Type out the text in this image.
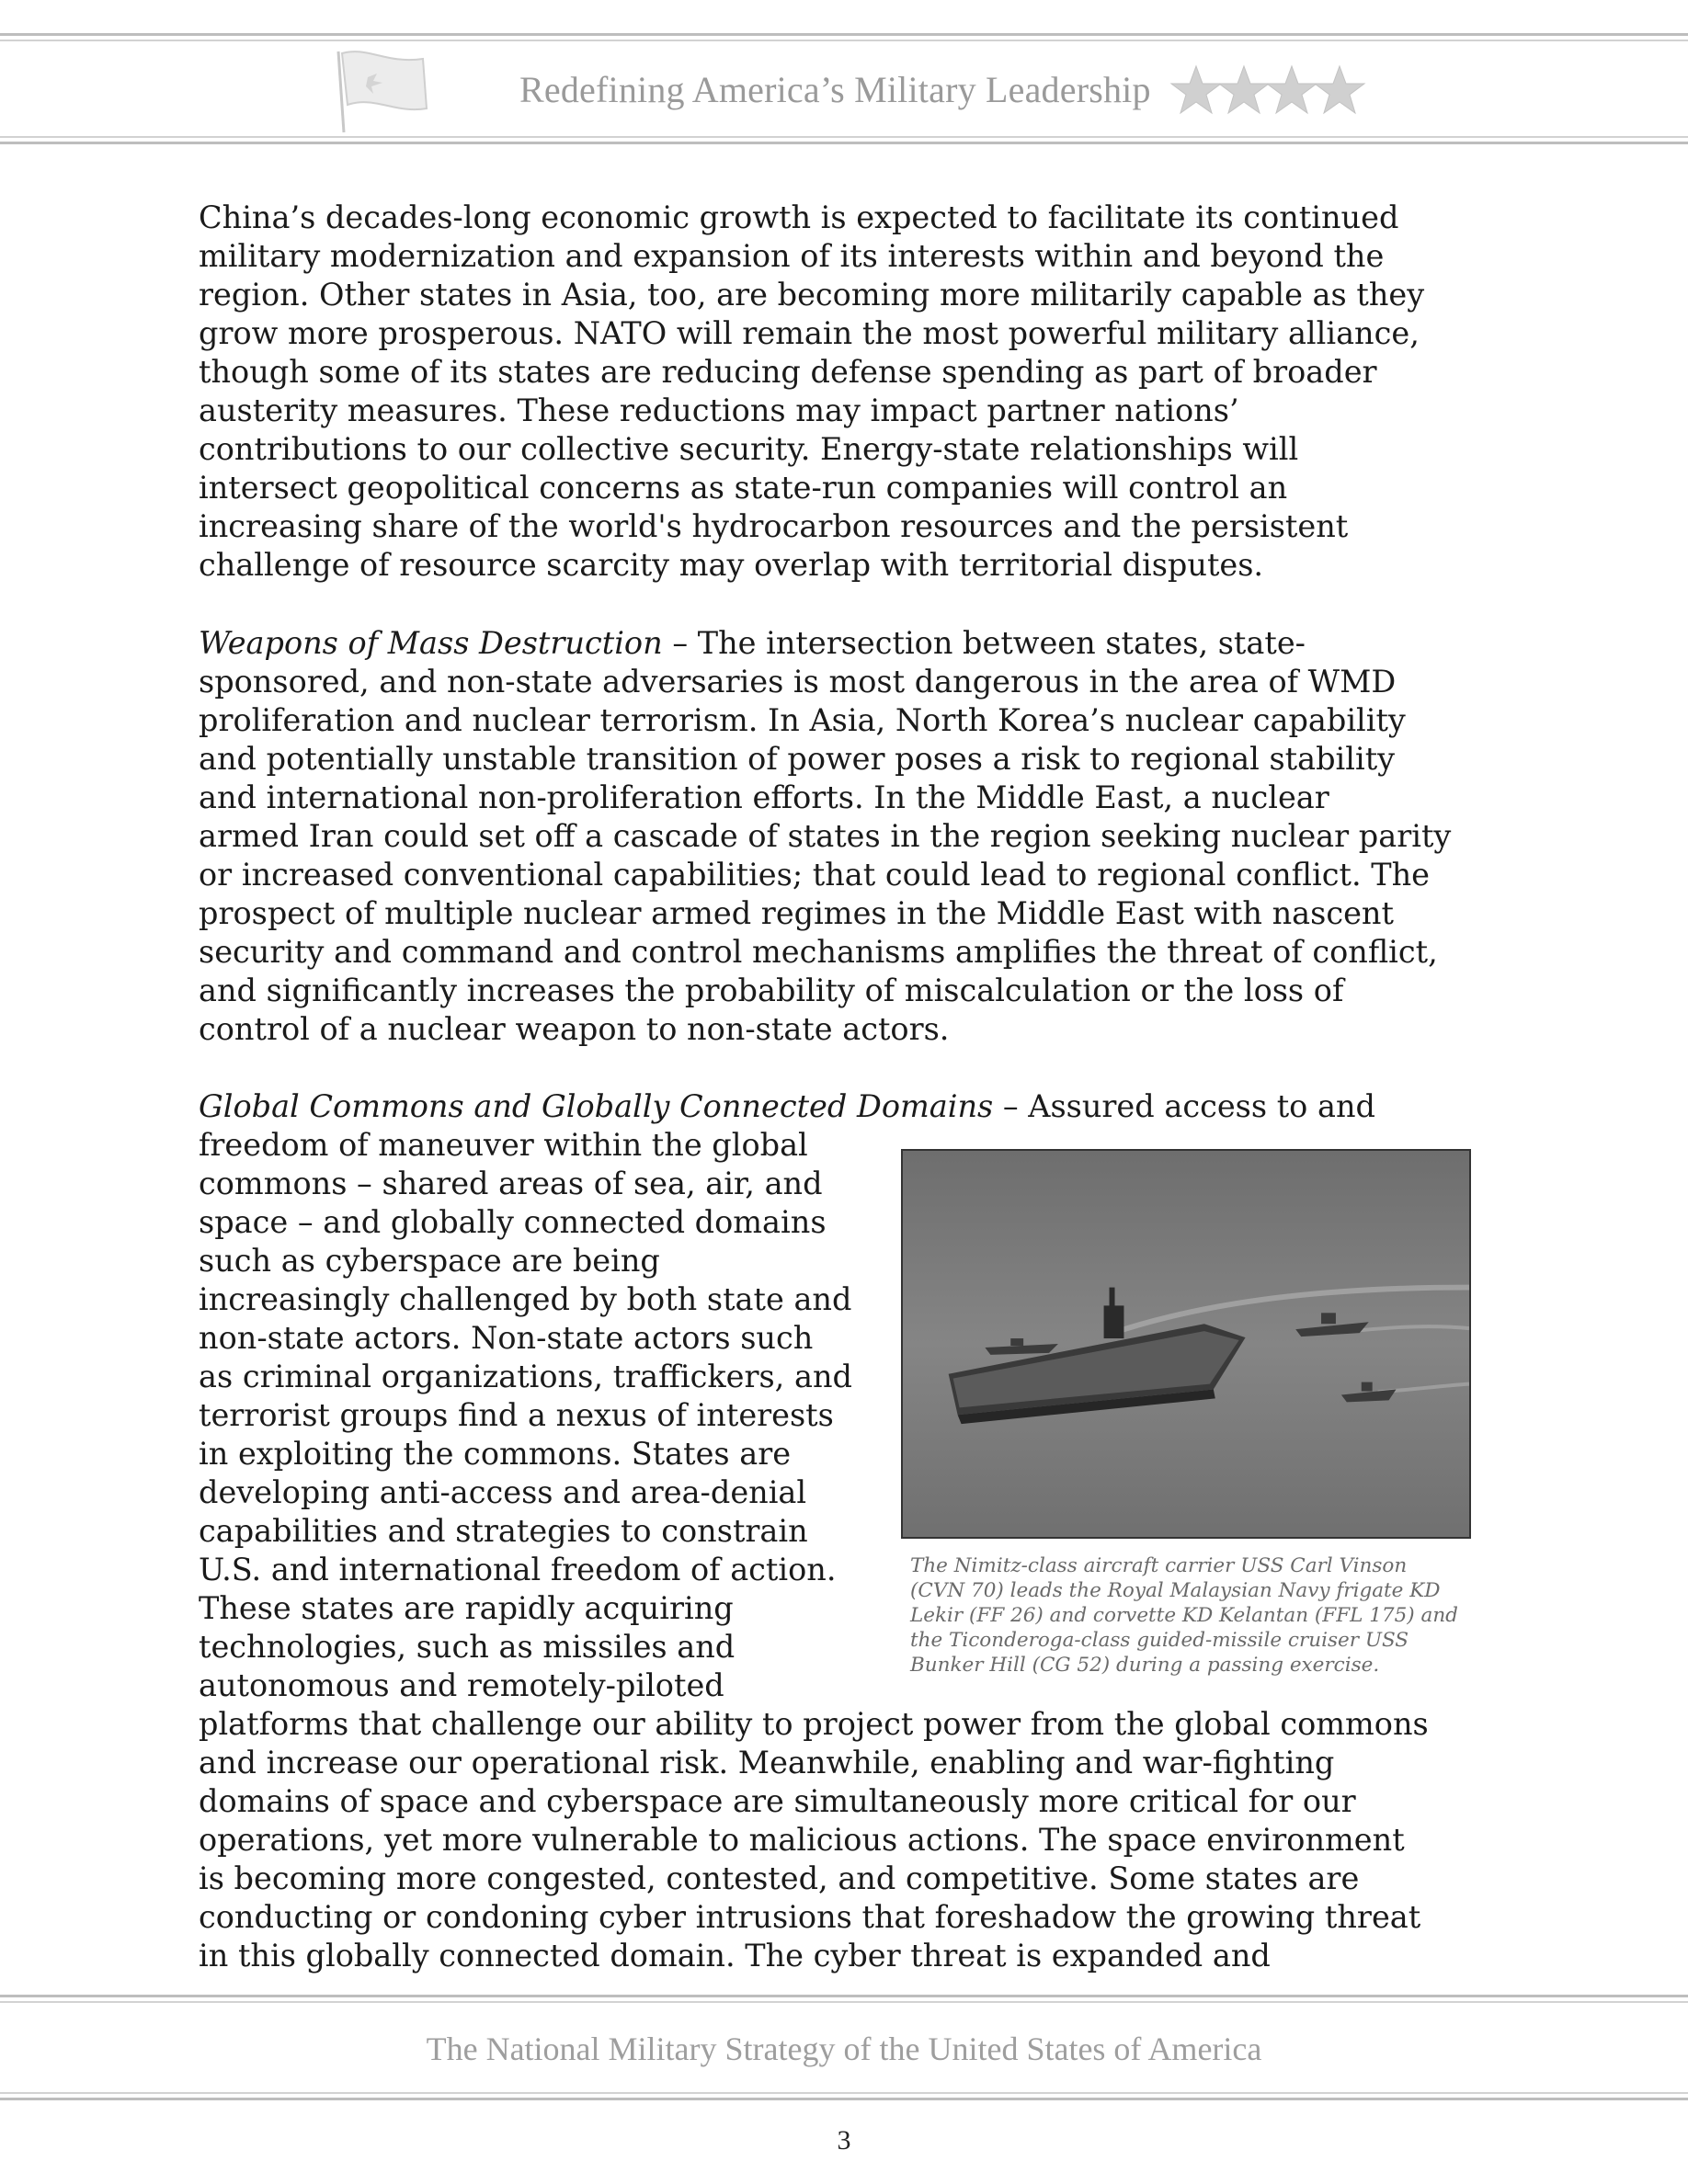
Redefining America’s Military Leadership
China’s decades-long economic growth is expected to facilitate its continued
military modernization and expansion of its interests within and beyond the
region. Other states in Asia, too, are becoming more militarily capable as they
grow more prosperous. NATO will remain the most powerful military alliance,
though some of its states are reducing defense spending as part of broader
austerity measures. These reductions may impact partner nations’
contributions to our collective security. Energy-state relationships will
intersect geopolitical concerns as state-run companies will control an
increasing share of the world's hydrocarbon resources and the persistent
challenge of resource scarcity may overlap with territorial disputes.
Weapons of Mass Destruction – The intersection between states, state-
sponsored, and non-state adversaries is most dangerous in the area of WMD
proliferation and nuclear terrorism. In Asia, North Korea’s nuclear capability
and potentially unstable transition of power poses a risk to regional stability
and international non-proliferation efforts. In the Middle East, a nuclear
armed Iran could set off a cascade of states in the region seeking nuclear parity
or increased conventional capabilities; that could lead to regional conflict. The
prospect of multiple nuclear armed regimes in the Middle East with nascent
security and command and control mechanisms amplifies the threat of conflict,
and significantly increases the probability of miscalculation or the loss of
control of a nuclear weapon to non-state actors.
Global Commons and Globally Connected Domains – Assured access to and
freedom of maneuver within the global
commons – shared areas of sea, air, and
space – and globally connected domains
such as cyberspace are being
increasingly challenged by both state and
non-state actors. Non-state actors such
as criminal organizations, traffickers, and
terrorist groups find a nexus of interests
in exploiting the commons. States are
developing anti-access and area-denial
capabilities and strategies to constrain
U.S. and international freedom of action.
These states are rapidly acquiring
technologies, such as missiles and
autonomous and remotely-piloted
platforms that challenge our ability to project power from the global commons
and increase our operational risk. Meanwhile, enabling and war-fighting
domains of space and cyberspace are simultaneously more critical for our
operations, yet more vulnerable to malicious actions. The space environment
is becoming more congested, contested, and competitive. Some states are
conducting or condoning cyber intrusions that foreshadow the growing threat
in this globally connected domain. The cyber threat is expanded and
The Nimitz-class aircraft carrier USS Carl Vinson
(CVN 70) leads the Royal Malaysian Navy frigate KD
Lekir (FF 26) and corvette KD Kelantan (FFL 175) and
the Ticonderoga-class guided-missile cruiser USS
Bunker Hill (CG 52) during a passing exercise.
The National Military Strategy of the United States of America
3
